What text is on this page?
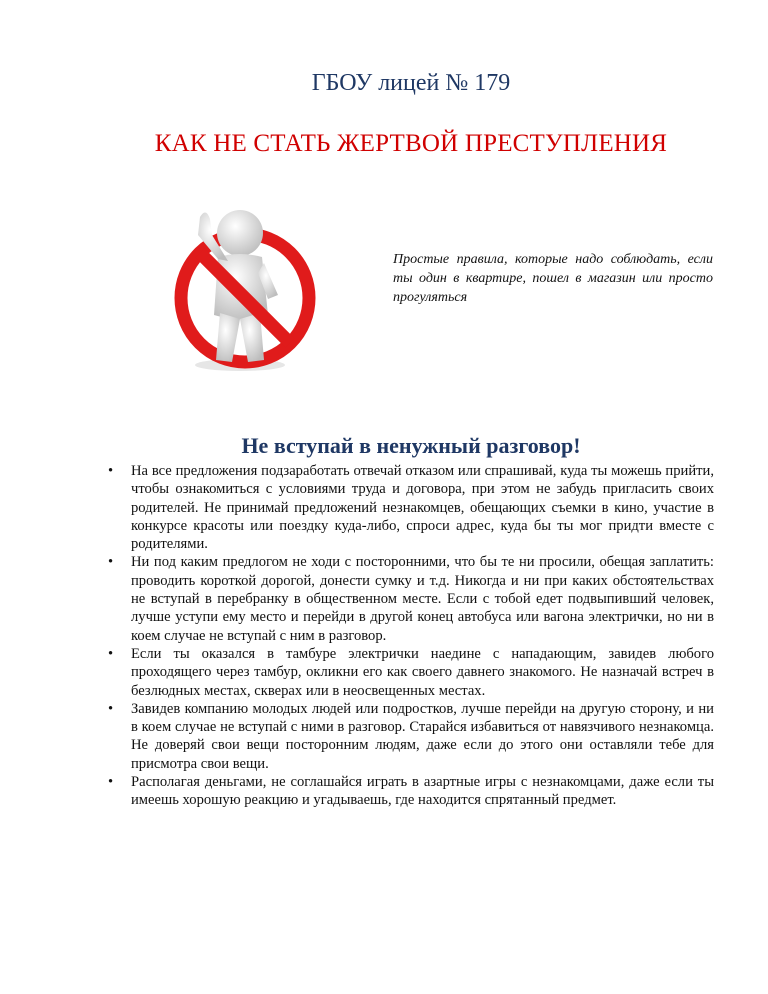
ГБОУ лицей № 179
КАК НЕ СТАТЬ ЖЕРТВОЙ ПРЕСТУПЛЕНИЯ
Простые правила, которые надо соблюдать, если ты один в квартире, пошел в магазин или просто прогуляться
Не вступай в ненужный разговор!
• На все предложения подзаработать отвечай отказом или спрашивай, куда ты можешь прийти, чтобы ознакомиться с условиями труда и договора, при этом не забудь пригласить своих родителей. Не принимай предложений незнакомцев, обещающих съемки в кино, участие в конкурсе красоты или поездку куда-либо, спроси адрес, куда бы ты мог придти вместе с родителями.
• Ни под каким предлогом не ходи с посторонними, что бы те ни просили, обещая заплатить: проводить короткой дорогой, донести сумку и т.д. Никогда и ни при каких обстоятельствах не вступай в перебранку в общественном месте. Если с тобой едет подвыпивший человек, лучше уступи ему место и перейди в другой конец автобуса или вагона электрички, но ни в коем случае не вступай с ним в разговор.
• Если ты оказался в тамбуре электрички наедине с нападающим, завидев любого проходящего через тамбур, окликни его как своего давнего знакомого. Не назначай встреч в безлюдных местах, скверах или в неосвещенных местах.
• Завидев компанию молодых людей или подростков, лучше перейди на другую сторону, и ни в коем случае не вступай с ними в разговор. Старайся избавиться от навязчивого незнакомца. Не доверяй свои вещи посторонним людям, даже если до этого они оставляли тебе для присмотра свои вещи.
• Располагая деньгами, не соглашайся играть в азартные игры с незнакомцами, даже если ты имеешь хорошую реакцию и угадываешь, где находится спрятанный предмет.
